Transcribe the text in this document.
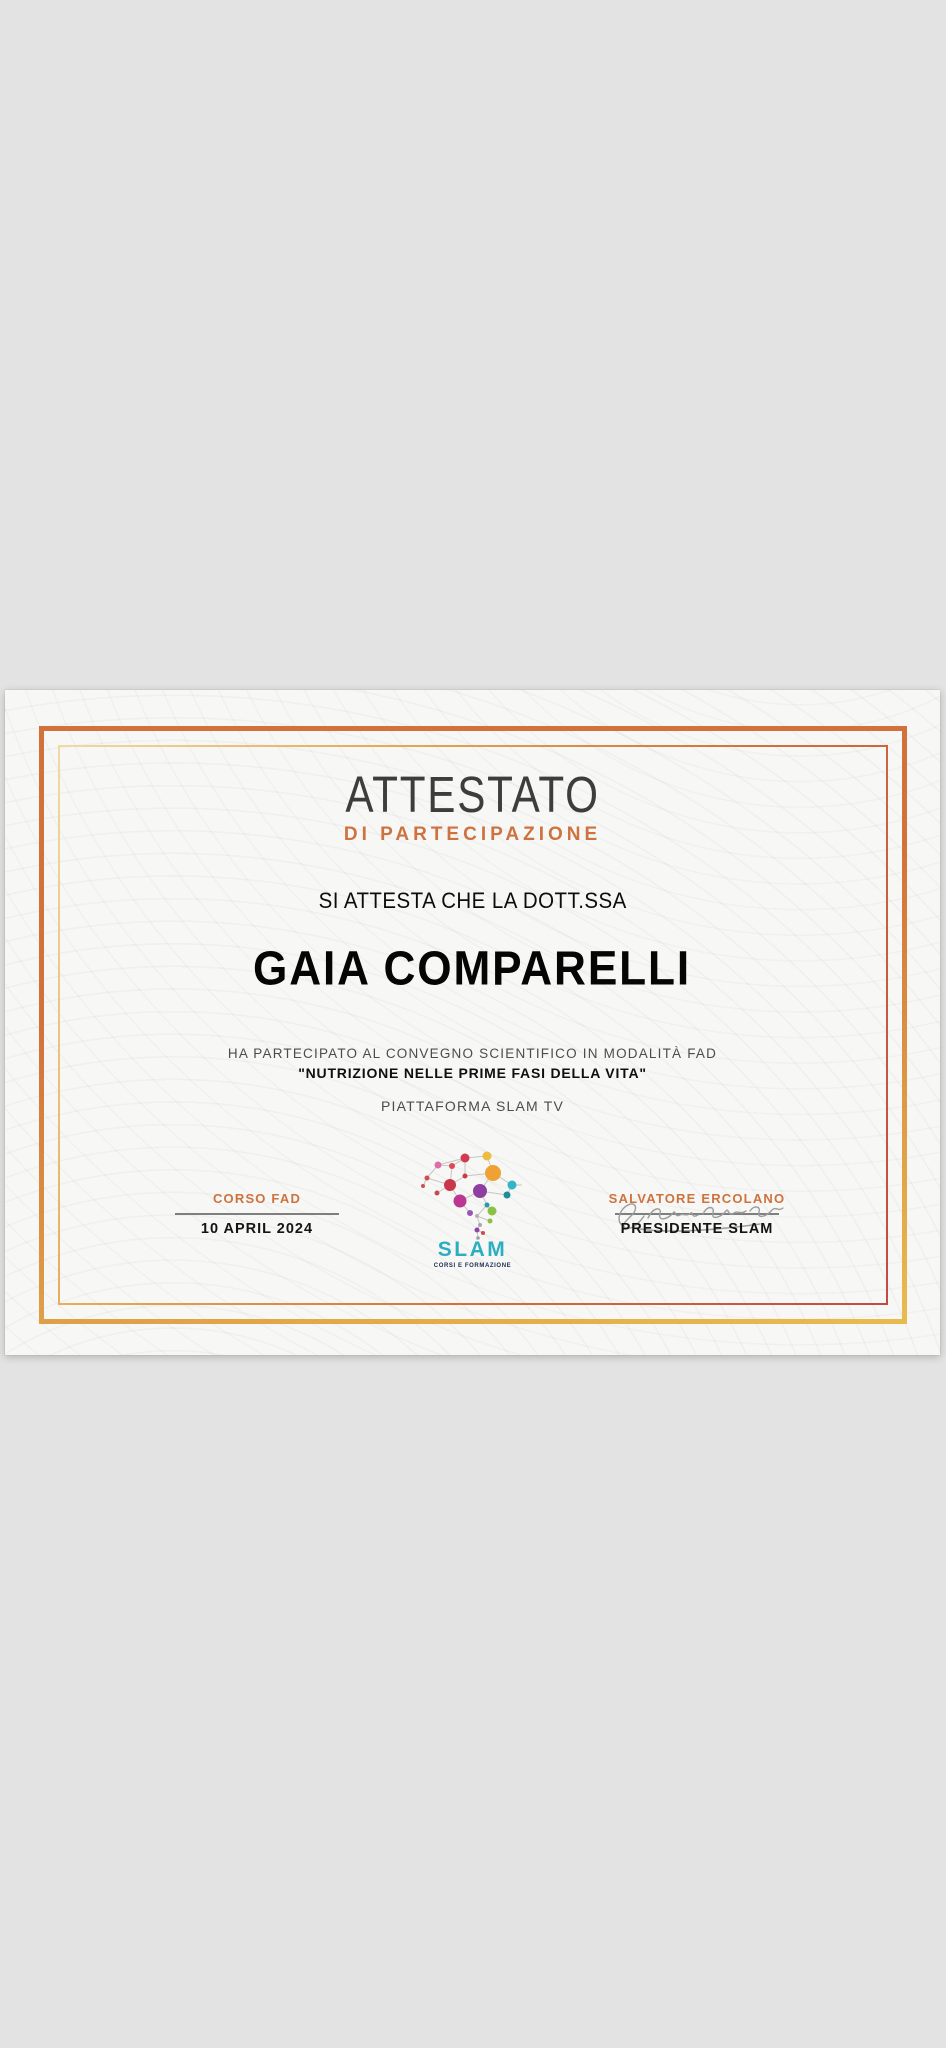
ATTESTATO
DI PARTECIPAZIONE
SI ATTESTA CHE LA DOTT.SSA
GAIA COMPARELLI
HA PARTECIPATO AL CONVEGNO SCIENTIFICO IN MODALITÀ FAD
"NUTRIZIONE NELLE PRIME FASI DELLA VITA"
PIATTAFORMA SLAM TV
CORSO FAD
10 APRIL 2024
SLAM
CORSI E FORMAZIONE
SALVATORE ERCOLANO
PRESIDENTE SLAM
